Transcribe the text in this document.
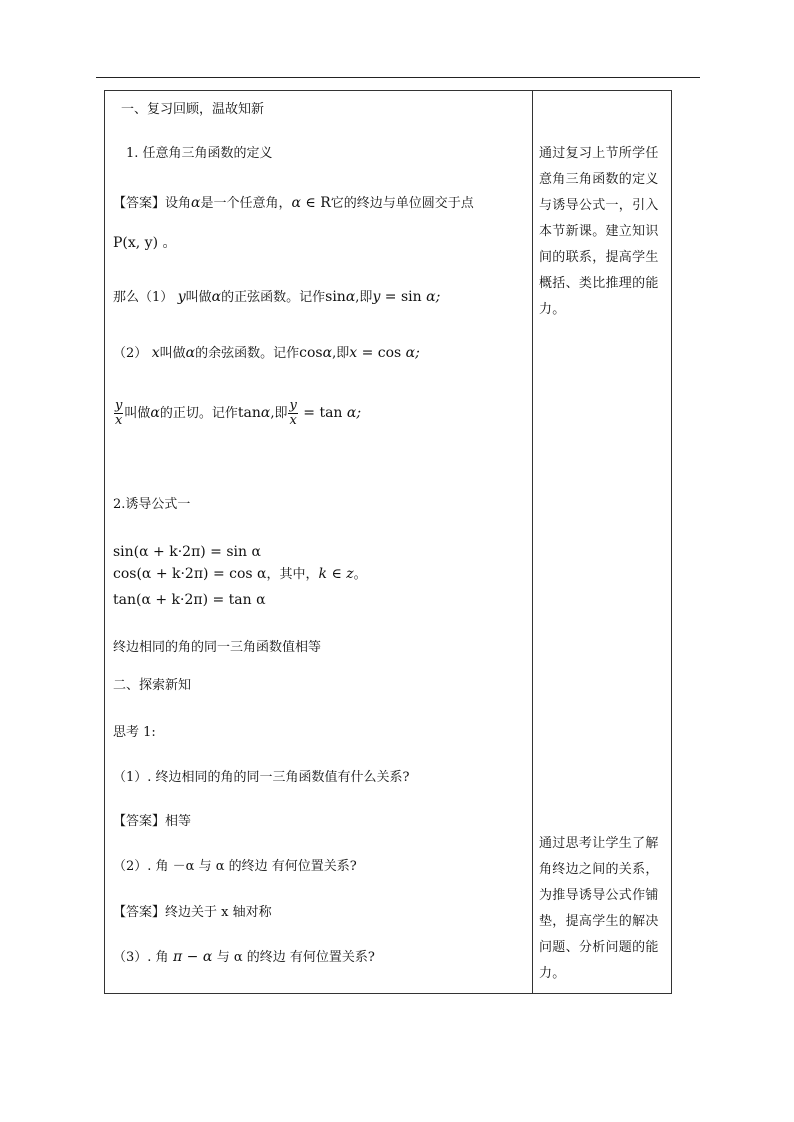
一、复习回顾，温故知新
1. 任意角三角函数的定义
【答案】设角α是一个任意角，α ∈ R它的终边与单位圆交于点
P(x, y) 。
那么（1） y叫做α的正弦函数。记作sinα,即y = sin α;
（2） x叫做α的余弦函数。记作cosα,即x = cos α;
$\frac{y}{x}$ 叫做α的正切。记作tanα,即 $\frac{y}{x} = \tan \alpha$;
2.诱导公式一
sin(α + k·2π) = sin α
cos(α + k·2π) = cos α，其中，k ∈ z。
tan(α + k·2π) = tan α
终边相同的角的同一三角函数值相等
二、探索新知
思考 1:
（1）. 终边相同的角的同一三角函数值有什么关系?
【答案】相等
（2）. 角 －α 与 α 的终边 有何位置关系?
【答案】终边关于 x 轴对称
（3）. 角 π − α 与 α 的终边 有何位置关系?
通过复习上节所学任意角三角函数的定义与诱导公式一，引入本节新课。建立知识间的联系，提高学生概括、类比推理的能力。
通过思考让学生了解角终边之间的关系，为推导诱导公式作铺垫，提高学生的解决问题、分析问题的能力。
